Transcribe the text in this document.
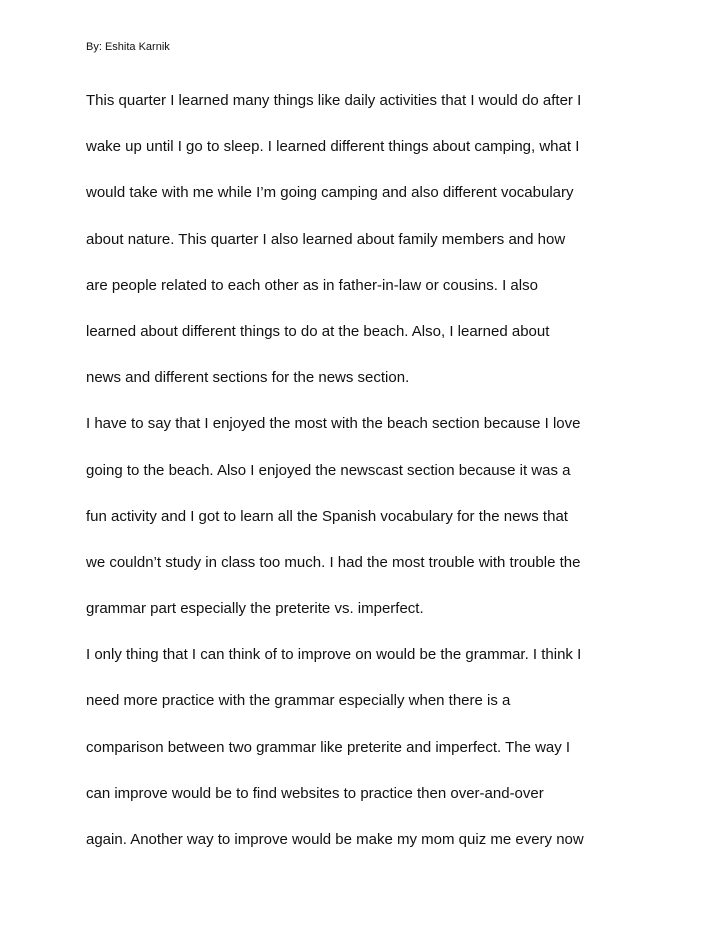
By: Eshita Karnik
This quarter I learned many things like daily activities that I would do after I
wake up until I go to sleep. I learned different things about camping, what I
would take with me while I’m going camping and also different vocabulary
about nature. This quarter I also learned about family members and how
are people related to each other as in father-in-law or cousins. I also
learned about different things to do at the beach. Also, I learned about
news and different sections for the news section.
I have to say that I enjoyed the most with the beach section because I love
going to the beach. Also I enjoyed the newscast section because it was a
fun activity and I got to learn all the Spanish vocabulary for the news that
we couldn’t study in class too much. I had the most trouble with trouble the
grammar part especially the preterite vs. imperfect.
I only thing that I can think of to improve on would be the grammar. I think I
need more practice with the grammar especially when there is a
comparison between two grammar like preterite and imperfect. The way I
can improve would be to find websites to practice then over-and-over
again. Another way to improve would be make my mom quiz me every now
